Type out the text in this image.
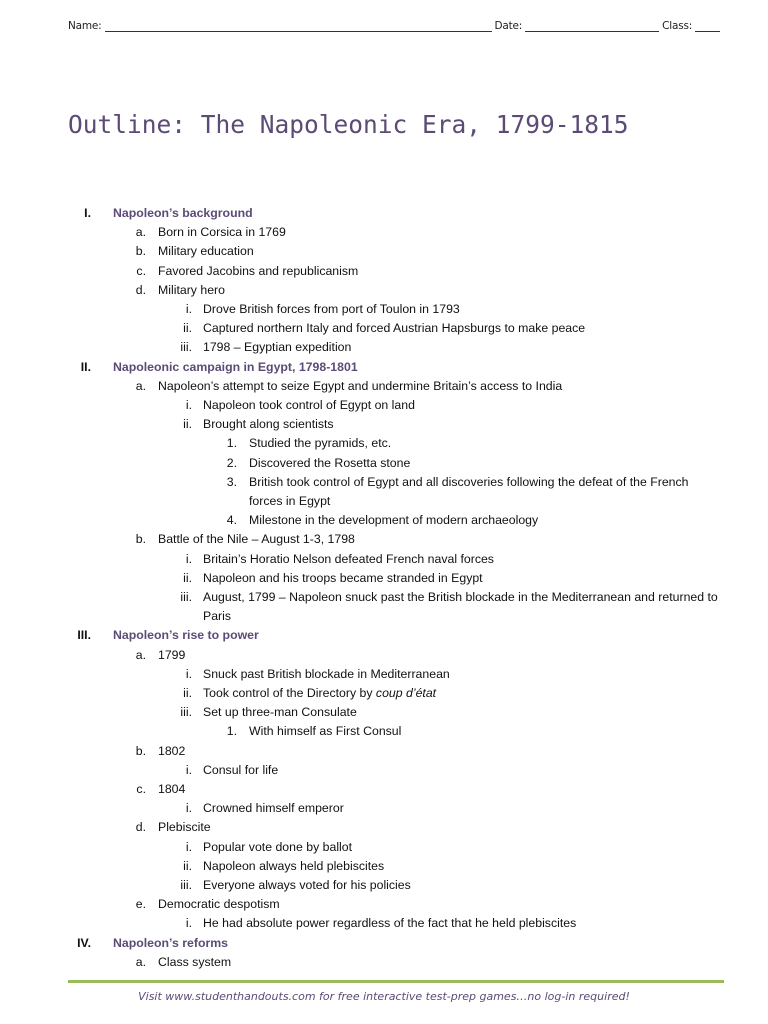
Name:	Date:	Class:
Outline: The Napoleonic Era, 1799-1815
I. Napoleon’s background
a. Born in Corsica in 1769
b. Military education
c. Favored Jacobins and republicanism
d. Military hero
i. Drove British forces from port of Toulon in 1793
ii. Captured northern Italy and forced Austrian Hapsburgs to make peace
iii. 1798 – Egyptian expedition
II. Napoleonic campaign in Egypt, 1798-1801
a. Napoleon’s attempt to seize Egypt and undermine Britain’s access to India
i. Napoleon took control of Egypt on land
ii. Brought along scientists
1. Studied the pyramids, etc.
2. Discovered the Rosetta stone
3. British took control of Egypt and all discoveries following the defeat of the French forces in Egypt
4. Milestone in the development of modern archaeology
b. Battle of the Nile – August 1-3, 1798
i. Britain’s Horatio Nelson defeated French naval forces
ii. Napoleon and his troops became stranded in Egypt
iii. August, 1799 – Napoleon snuck past the British blockade in the Mediterranean and returned to Paris
III. Napoleon’s rise to power
a. 1799
i. Snuck past British blockade in Mediterranean
ii. Took control of the Directory by coup d’état
iii. Set up three-man Consulate
1. With himself as First Consul
b. 1802
i. Consul for life
c. 1804
i. Crowned himself emperor
d. Plebiscite
i. Popular vote done by ballot
ii. Napoleon always held plebiscites
iii. Everyone always voted for his policies
e. Democratic despotism
i. He had absolute power regardless of the fact that he held plebiscites
IV. Napoleon’s reforms
a. Class system
Visit www.studenthandouts.com for free interactive test-prep games…no log-in required!
